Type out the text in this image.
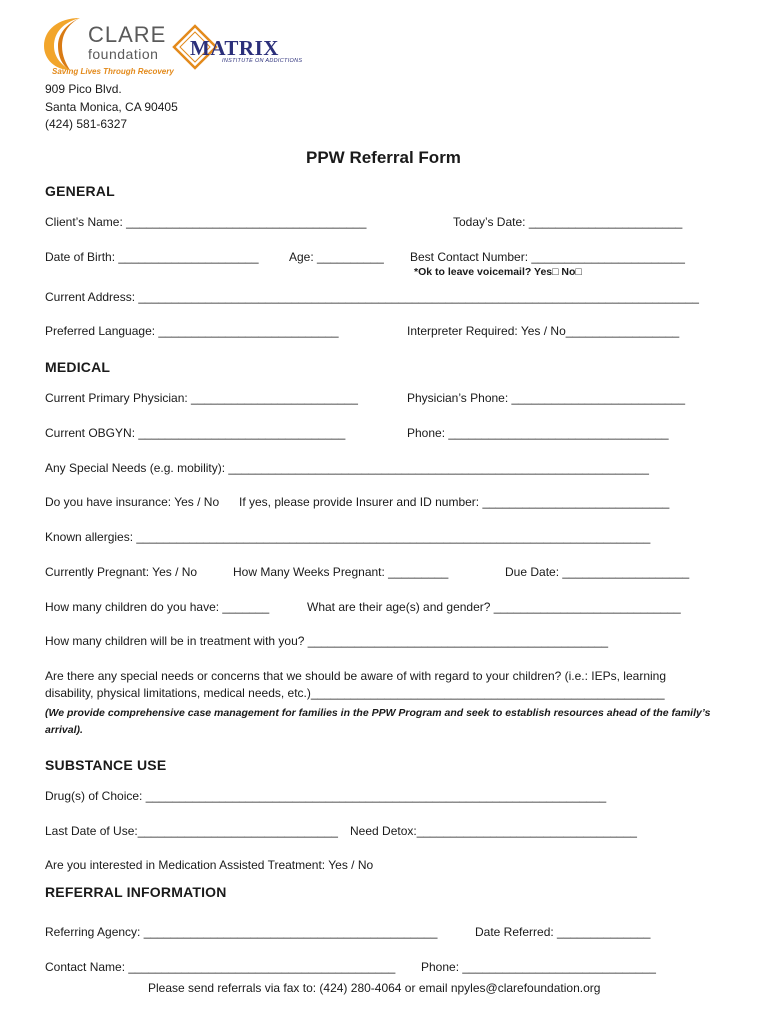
CLARE
foundation
Saving Lives Through Recovery
MATRIX
INSTITUTE ON ADDICTIONS
909 Pico Blvd.
Santa Monica, CA 90405
(424) 581-6327
PPW Referral Form
GENERAL
Client’s Name: ____________________________________	Today’s Date: _______________________
Date of Birth: _____________________	Age: __________ Best Contact Number: _______________________
*Ok to leave voicemail? Yes□ No□
Current Address: ____________________________________________________________________________________
Preferred Language: ___________________________	Interpreter Required: Yes / No_________________
MEDICAL
Current Primary Physician: _________________________	Physician’s Phone: __________________________
Current OBGYN: _______________________________	Phone: _________________________________
Any Special Needs (e.g. mobility): _______________________________________________________________
Do you have insurance: Yes / No If yes, please provide Insurer and ID number: ____________________________
Known allergies: _____________________________________________________________________________
Currently Pregnant: Yes / No	How Many Weeks Pregnant: _________	Due Date: ___________________
How many children do you have: _______	What are their age(s) and gender? ____________________________
How many children will be in treatment with you? _____________________________________________
Are there any special needs or concerns that we should be aware of with regard to your children? (i.e.: IEPs, learning
disability, physical limitations, medical needs, etc.)_____________________________________________________
(We provide comprehensive case management for families in the PPW Program and seek to establish resources ahead of the family’s
arrival).
SUBSTANCE USE
Drug(s) of Choice: _____________________________________________________________________
Last Date of Use:______________________________ Need Detox:_________________________________
Are you interested in Medication Assisted Treatment: Yes / No
REFERRAL INFORMATION
Referring Agency: ____________________________________________	Date Referred: ______________
Contact Name: ________________________________________ Phone: _____________________________
Please send referrals via fax to: (424) 280-4064 or email npyles@clarefoundation.org
